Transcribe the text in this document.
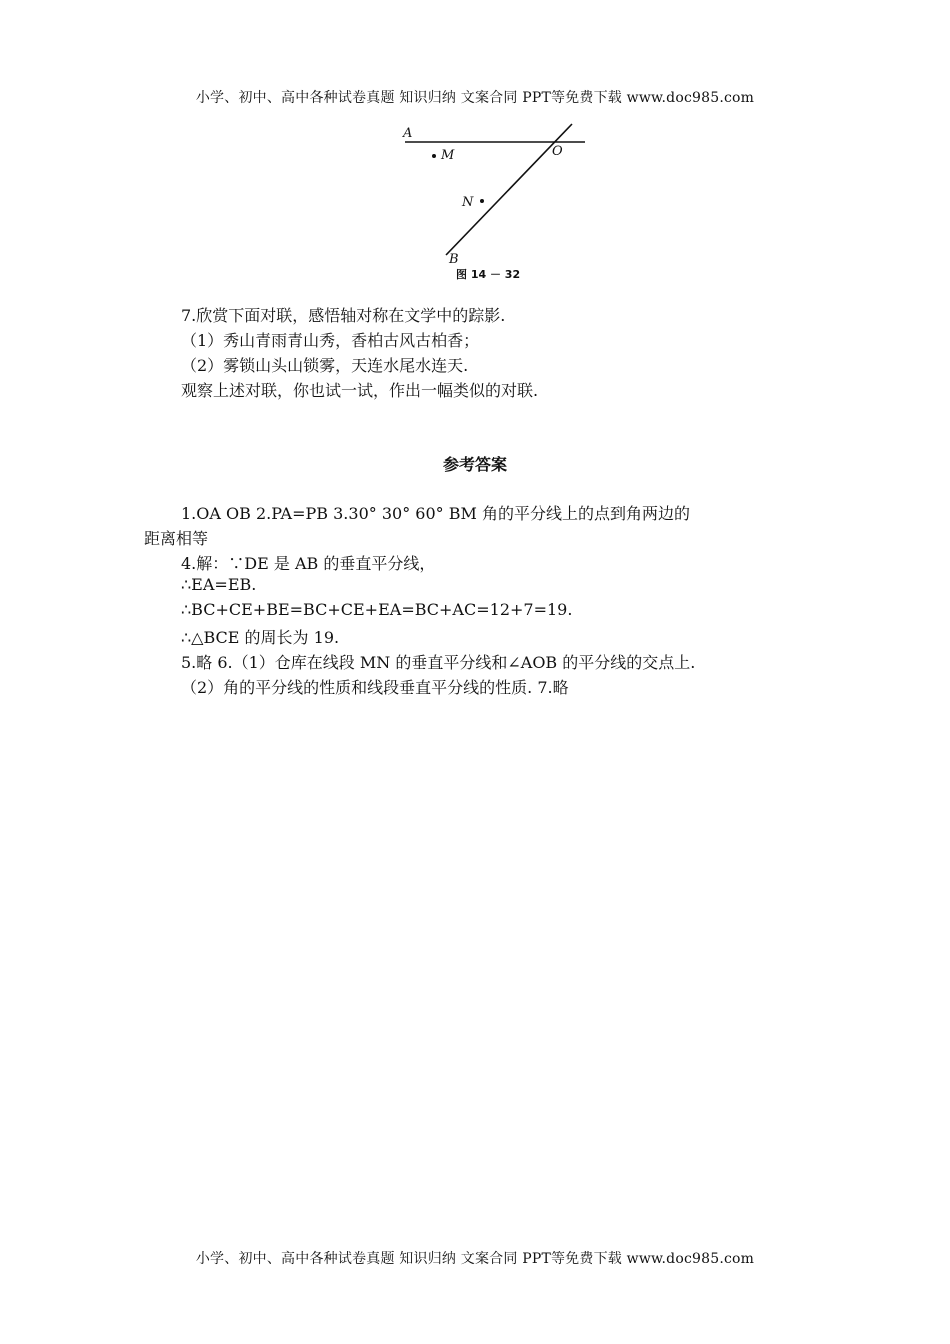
小学、初中、高中各种试卷真题 知识归纳 文案合同 PPT等免费下载 www.doc985.com
A
M	O
N
B
图 14 － 32
7.欣赏下面对联，感悟轴对称在文学中的踪影.
（1）秀山青雨青山秀，香柏古风古柏香；
（2）雾锁山头山锁雾，天连水尾水连天.
观察上述对联，你也试一试，作出一幅类似的对联.
参考答案
1.OA OB 2.PA=PB 3.30° 30° 60° BM 角的平分线上的点到角两边的
距离相等
4.解：∵DE 是 AB 的垂直平分线，
∴EA=EB.
∴BC+CE+BE=BC+CE+EA=BC+AC=12+7=19.
∴△BCE 的周长为 19.
5.略 6.（1）仓库在线段 MN 的垂直平分线和∠AOB 的平分线的交点上.
（2）角的平分线的性质和线段垂直平分线的性质. 7.略
小学、初中、高中各种试卷真题 知识归纳 文案合同 PPT等免费下载 www.doc985.com
